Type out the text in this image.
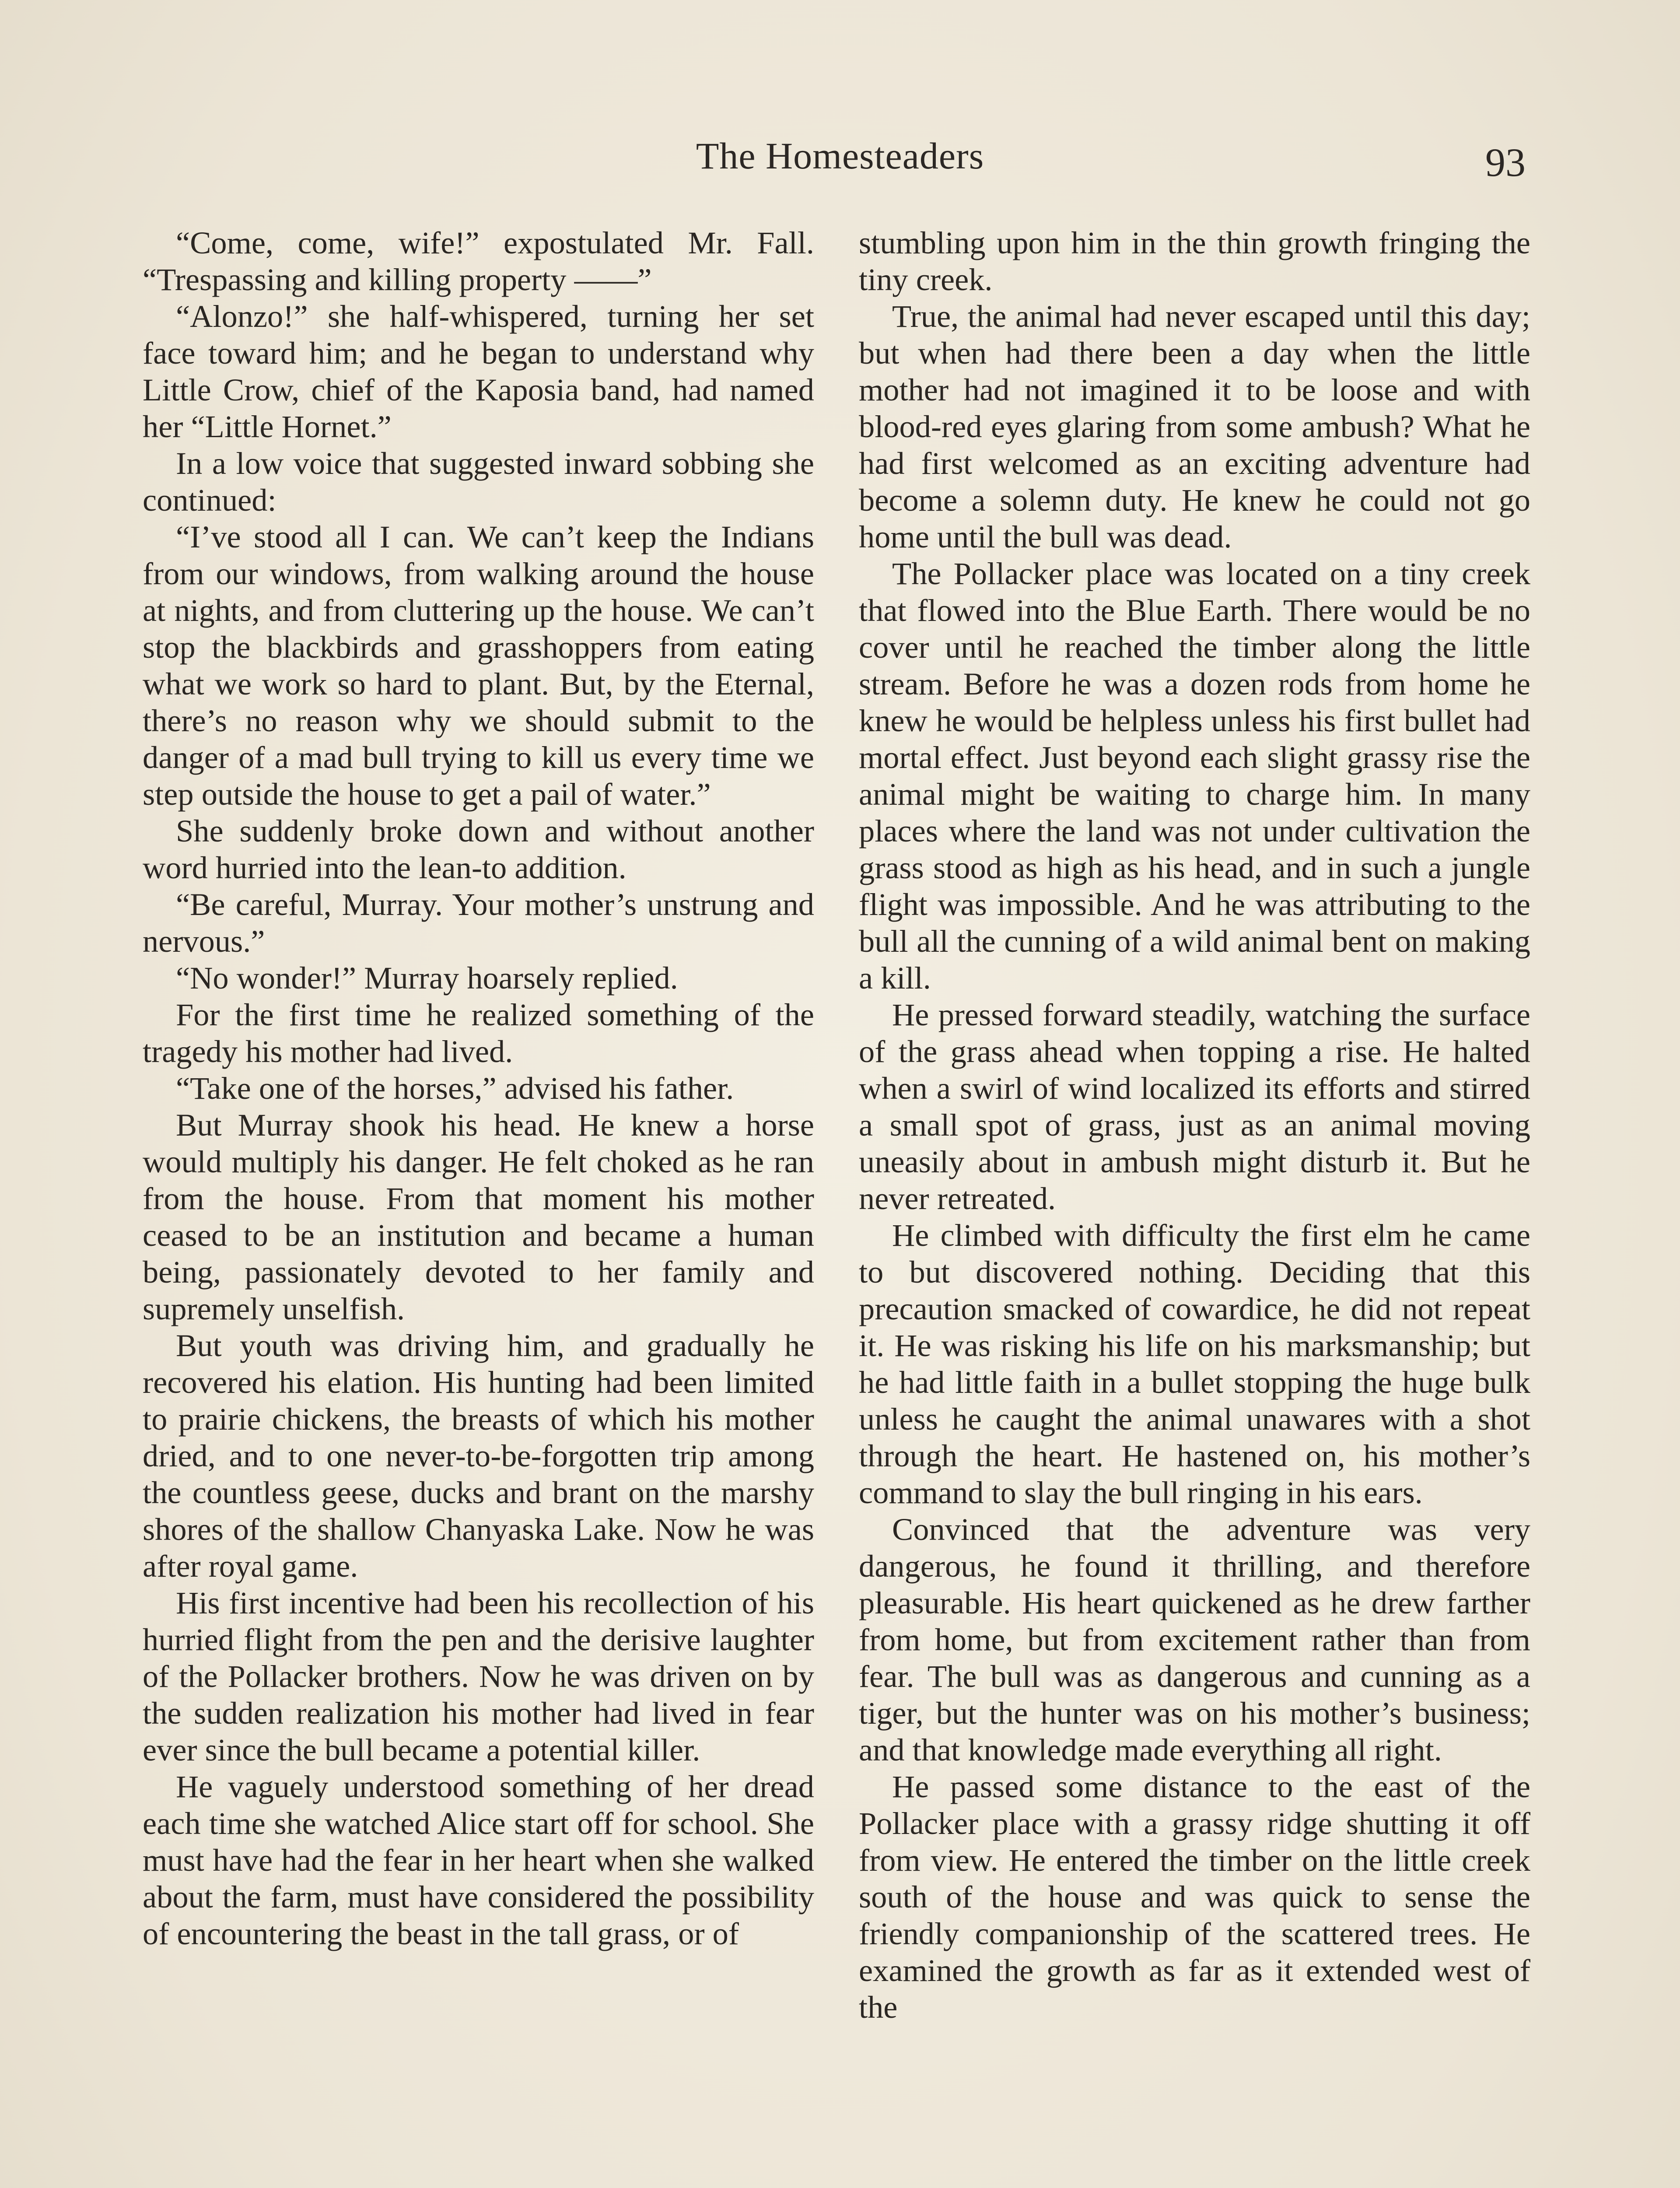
The Homesteaders	93

“Come, come, wife!” expostulated Mr. Fall. “Trespassing and killing property ——”

“Alonzo!” she half-whispered, turning her set face toward him; and he began to understand why Little Crow, chief of the Kaposia band, had named her “Little Hornet.”

In a low voice that suggested inward sobbing she continued:

“I’ve stood all I can. We can’t keep the Indians from our windows, from walking around the house at nights, and from cluttering up the house. We can’t stop the blackbirds and grasshoppers from eating what we work so hard to plant. But, by the Eternal, there’s no reason why we should submit to the danger of a mad bull trying to kill us every time we step outside the house to get a pail of water.”

She suddenly broke down and without another word hurried into the lean-to addition.

“Be careful, Murray. Your mother’s unstrung and nervous.”

“No wonder!” Murray hoarsely replied.

For the first time he realized something of the tragedy his mother had lived.

“Take one of the horses,” advised his father.

But Murray shook his head. He knew a horse would multiply his danger. He felt choked as he ran from the house. From that moment his mother ceased to be an institution and became a human being, passionately devoted to her family and supremely unselfish.

But youth was driving him, and gradually he recovered his elation. His hunting had been limited to prairie chickens, the breasts of which his mother dried, and to one never-to-be-forgotten trip among the countless geese, ducks and brant on the marshy shores of the shallow Chanyaska Lake. Now he was after royal game.

His first incentive had been his recollection of his hurried flight from the pen and the derisive laughter of the Pollacker brothers. Now he was driven on by the sudden realization his mother had lived in fear ever since the bull became a potential killer.

He vaguely understood something of her dread each time she watched Alice start off for school. She must have had the fear in her heart when she walked about the farm, must have considered the possibility of encountering the beast in the tall grass, or of

stumbling upon him in the thin growth fringing the tiny creek.

True, the animal had never escaped until this day; but when had there been a day when the little mother had not imagined it to be loose and with blood-red eyes glaring from some ambush? What he had first welcomed as an exciting adventure had become a solemn duty. He knew he could not go home until the bull was dead.

The Pollacker place was located on a tiny creek that flowed into the Blue Earth. There would be no cover until he reached the timber along the little stream. Before he was a dozen rods from home he knew he would be helpless unless his first bullet had mortal effect. Just beyond each slight grassy rise the animal might be waiting to charge him. In many places where the land was not under cultivation the grass stood as high as his head, and in such a jungle flight was impossible. And he was attributing to the bull all the cunning of a wild animal bent on making a kill.

He pressed forward steadily, watching the surface of the grass ahead when topping a rise. He halted when a swirl of wind localized its efforts and stirred a small spot of grass, just as an animal moving uneasily about in ambush might disturb it. But he never retreated.

He climbed with difficulty the first elm he came to but discovered nothing. Deciding that this precaution smacked of cowardice, he did not repeat it. He was risking his life on his marksmanship; but he had little faith in a bullet stopping the huge bulk unless he caught the animal unawares with a shot through the heart. He hastened on, his mother’s command to slay the bull ringing in his ears.

Convinced that the adventure was very dangerous, he found it thrilling, and therefore pleasurable. His heart quickened as he drew farther from home, but from excitement rather than from fear. The bull was as dangerous and cunning as a tiger, but the hunter was on his mother’s business; and that knowledge made everything all right.

He passed some distance to the east of the Pollacker place with a grassy ridge shutting it off from view. He entered the timber on the little creek south of the house and was quick to sense the friendly companionship of the scattered trees. He examined the growth as far as it extended west of the
